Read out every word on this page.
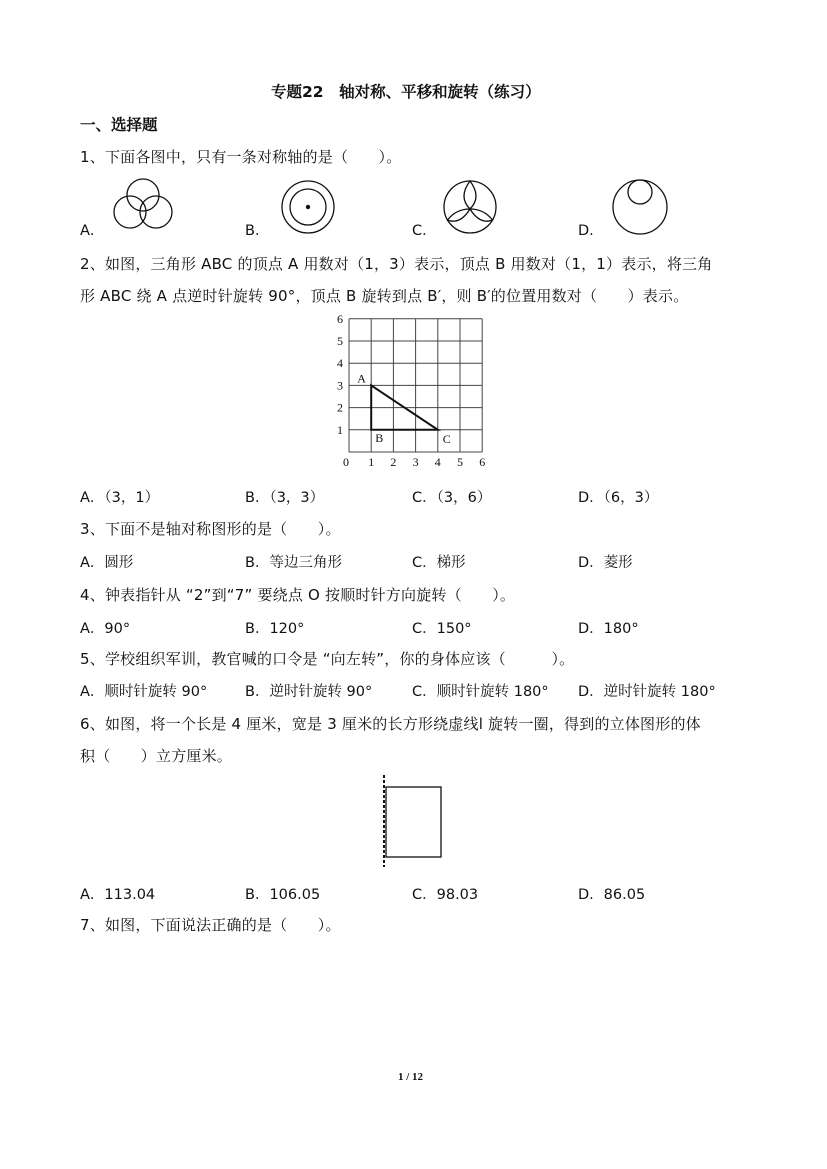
专题22　轴对称、平移和旋转（练习）
一、选择题
1、下面各图中，只有一条对称轴的是（　　）。
A．	B．	C．	D．
2、如图，三角形 ABC 的顶点 A 用数对（1，3）表示，顶点 B 用数对（1，1）表示，将三角
形 ABC 绕 A 点逆时针旋转 90°，顶点 B 旋转到点 B′，则 B′的位置用数对（　　）表示。
0 1 2 3 4 5 6
1
2
3
4
5
6
A
B	C
A．（3，1）	B．（3，3）	C．（3，6）	D．（6，3）
3、下面不是轴对称图形的是（　　）。
A．圆形	B．等边三角形	C．梯形	D．菱形
4、钟表指针从 “2”到“7” 要绕点 O 按顺时针方向旋转（　　）。
A．90°	B．120°	C．150°	D．180°
5、学校组织军训，教官喊的口令是 “向左转”，你的身体应该（　　　）。
A．顺时针旋转 90°	B．逆时针旋转 90°	C．顺时针旋转 180° D．逆时针旋转 180°
6、如图，将一个长是 4 厘米，宽是 3 厘米的长方形绕虚线l 旋转一圈，得到的立体图形的体
积（　　）立方厘米。
A．113.04	B．106.05	C．98.03	D．86.05
7、如图，下面说法正确的是（　　）。
1 / 12
